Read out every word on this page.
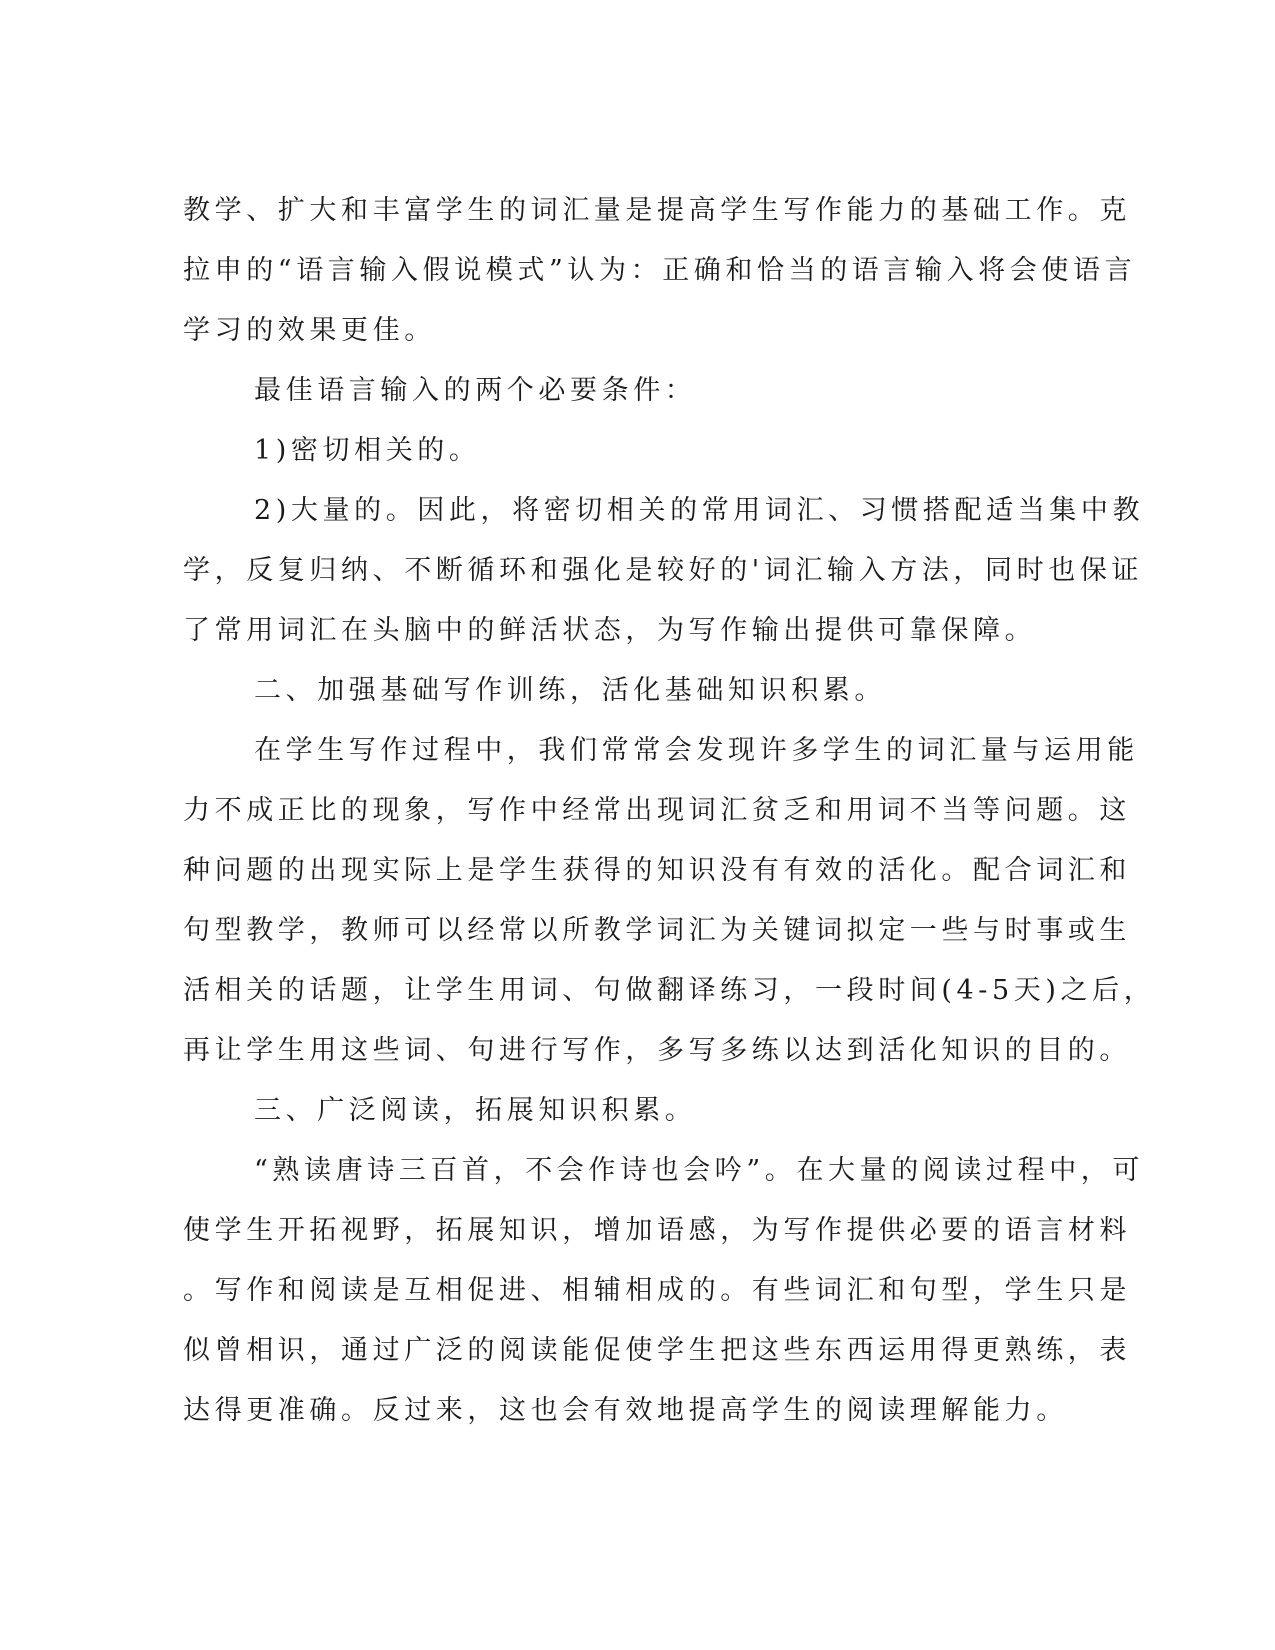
教学、扩大和丰富学生的词汇量是提高学生写作能力的基础工作。克

拉申的“语言输入假说模式”认为：正确和恰当的语言输入将会使语言

学习的效果更佳。

最佳语言输入的两个必要条件：

1)密切相关的。

2)大量的。因此，将密切相关的常用词汇、习惯搭配适当集中教

学，反复归纳、不断循环和强化是较好的'词汇输入方法，同时也保证

了常用词汇在头脑中的鲜活状态，为写作输出提供可靠保障。

二、加强基础写作训练，活化基础知识积累。

在学生写作过程中，我们常常会发现许多学生的词汇量与运用能

力不成正比的现象，写作中经常出现词汇贫乏和用词不当等问题。这

种问题的出现实际上是学生获得的知识没有有效的活化。配合词汇和

句型教学，教师可以经常以所教学词汇为关键词拟定一些与时事或生

活相关的话题，让学生用词、句做翻译练习，一段时间(4-5天)之后，

再让学生用这些词、句进行写作，多写多练以达到活化知识的目的。

三、广泛阅读，拓展知识积累。

“熟读唐诗三百首，不会作诗也会吟”。在大量的阅读过程中，可

使学生开拓视野，拓展知识，增加语感，为写作提供必要的语言材料

。写作和阅读是互相促进、相辅相成的。有些词汇和句型，学生只是

似曾相识，通过广泛的阅读能促使学生把这些东西运用得更熟练，表

达得更准确。反过来，这也会有效地提高学生的阅读理解能力。
